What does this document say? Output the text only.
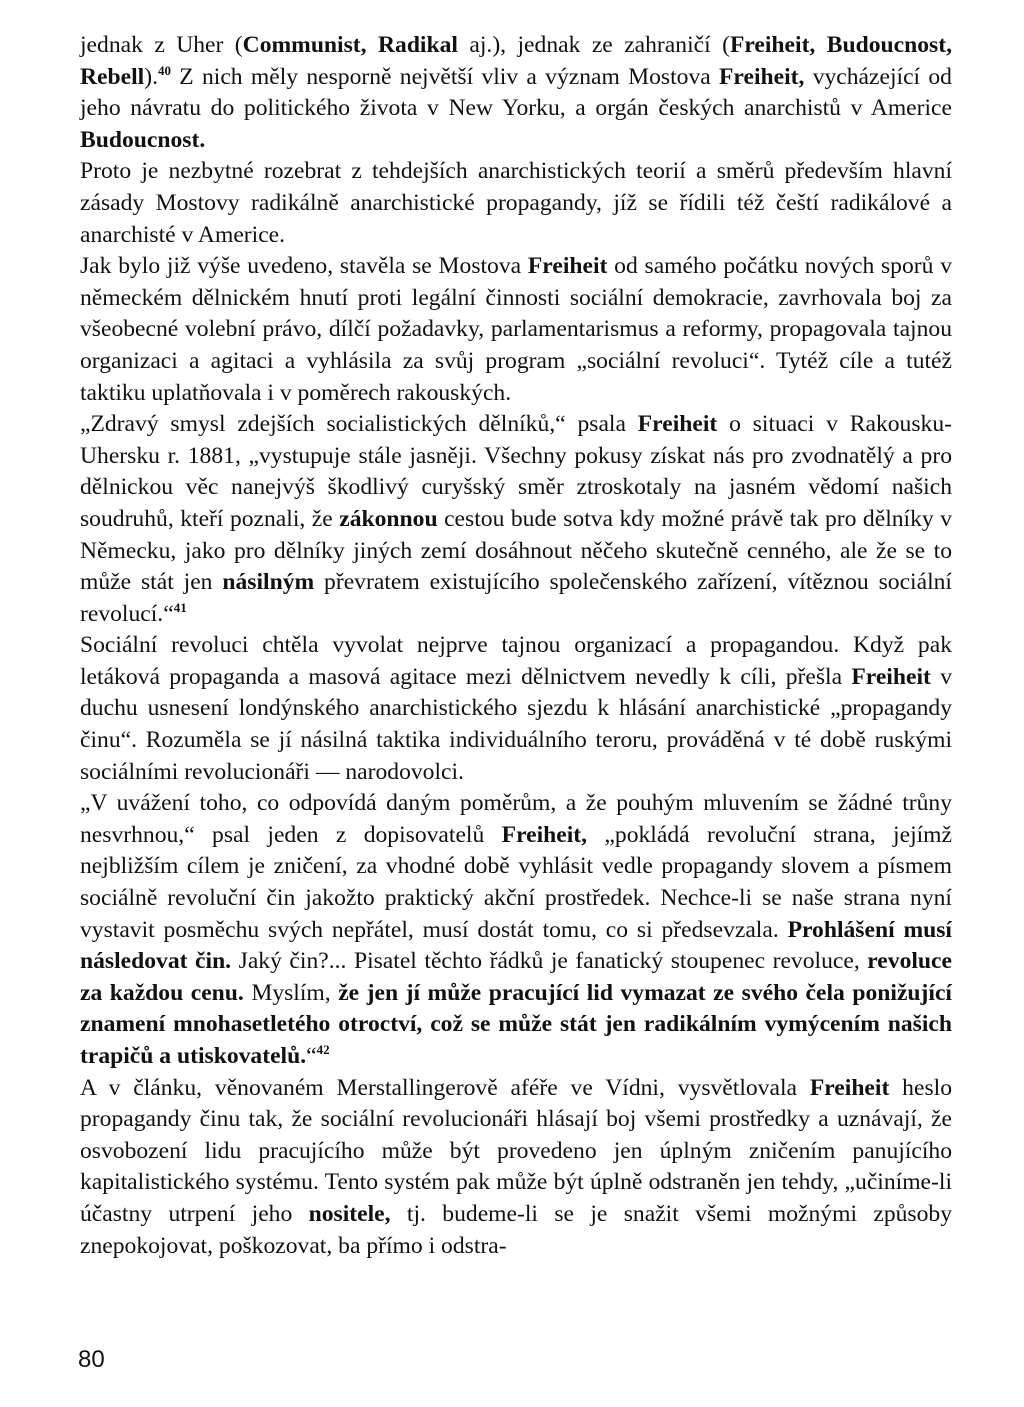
jednak z Uher (Communist, Radikal aj.), jednak ze zahraničí (Freiheit, Budoucnost, Rebell).$^{40}$ Z nich měly nesporně největší vliv a význam Mostova Freiheit, vycházející od jeho návratu do politického života v New Yorku, a orgán českých anarchistů v Americe Budoucnost.

Proto je nezbytné rozebrat z tehdejších anarchistických teorií a směrů především hlavní zásady Mostovy radikálně anarchistické propagandy, jíž se řídili též čeští radikálové a anarchisté v Americe.

Jak bylo již výše uvedeno, stavěla se Mostova Freiheit od samého počátku nových sporů v německém dělnickém hnutí proti legální činnosti sociální demokracie, zavrhovala boj za všeobecné volební právo, dílčí požadavky, parlamentarismus a reformy, propagovala tajnou organizaci a agitaci a vyhlásila za svůj program „sociální revoluci“. Tytéž cíle a tutéž taktiku uplatňovala i v poměrech rakouských.

„Zdravý smysl zdejších socialistických dělníků,“ psala Freiheit o situaci v Rakousku-Uhersku r. 1881, „vystupuje stále jasněji. Všechny pokusy získat nás pro zvodnatělý a pro dělnickou věc nanejvýš škodlivý curyšský směr ztroskotaly na jasném vědomí našich soudruhů, kteří poznali, že zákonnou cestou bude sotva kdy možné právě tak pro dělníky v Německu, jako pro dělníky jiných zemí dosáhnout něčeho skutečně cenného, ale že se to může stát jen násilným převratem existujícího společenského zařízení, vítěznou sociální revolucí.“$^{41}$

Sociální revoluci chtěla vyvolat nejprve tajnou organizací a propagandou. Když pak letáková propaganda a masová agitace mezi dělnictvem nevedly k cíli, přešla Freiheit v duchu usnesení londýnského anarchistického sjezdu k hlásání anarchistické „propagandy činu“. Rozuměla se jí násilná taktika individuálního teroru, prováděná v té době ruskými sociálními revolucionáři — narodovolci.

„V uvážení toho, co odpovídá daným poměrům, a že pouhým mluvením se žádné trůny nesvrhnou,“ psal jeden z dopisovatelů Freiheit, „pokládá revoluční strana, jejímž nejbližším cílem je zničení, za vhodné době vyhlásit vedle propagandy slovem a písmem sociálně revoluční čin jakožto praktický akční prostředek. Nechce-li se naše strana nyní vystavit posměchu svých nepřátel, musí dostát tomu, co si předsevzala. Prohlášení musí následovat čin. Jaký čin?... Pisatel těchto řádků je fanatický stoupenec revoluce, revoluce za každou cenu. Myslím, že jen jí může pracující lid vymazat ze svého čela ponižující znamení mnohasetletého otroctví, což se může stát jen radikálním vymýcením našich trapičů a utiskovatelů.“$^{42}$

A v článku, věnovaném Merstallingerově aféře ve Vídni, vysvětlovala Freiheit heslo propagandy činu tak, že sociální revolucionáři hlásají boj všemi prostředky a uznávají, že osvobození lidu pracujícího může být provedeno jen úplným zničením panujícího kapitalistického systému. Tento systém pak může být úplně odstraněn jen tehdy, „učiníme-li účastny utrpení jeho nositele, tj. budeme-li se je snažit všemi možnými způsoby znepokojovat, poškozovat, ba přímo i odstra-

80
